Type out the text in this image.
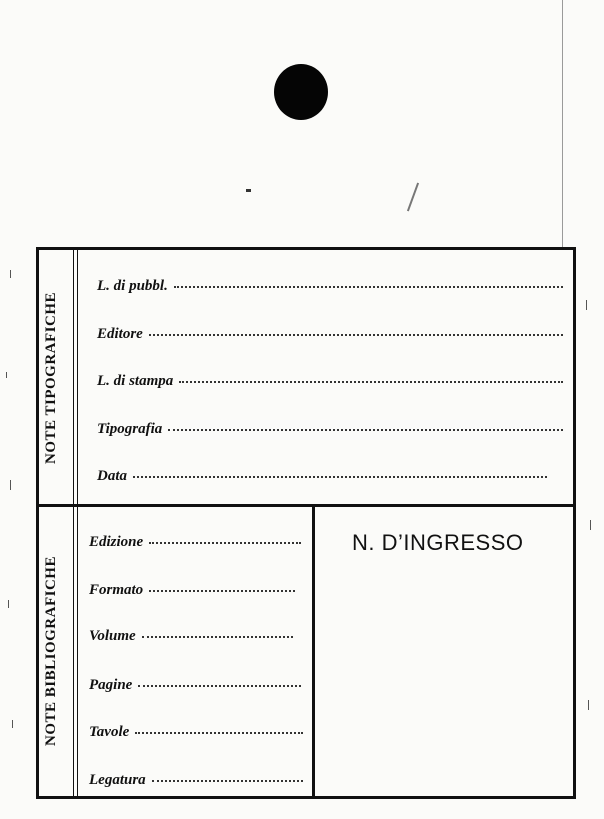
NOTE TIPOGRAFICHE
L. di pubbl.
Editore
L. di stampa
Tipografia
Data
NOTE BIBLIOGRAFICHE
Edizione
Formato
Volume
Pagine
Tavole
Legatura
N. D’INGRESSO
